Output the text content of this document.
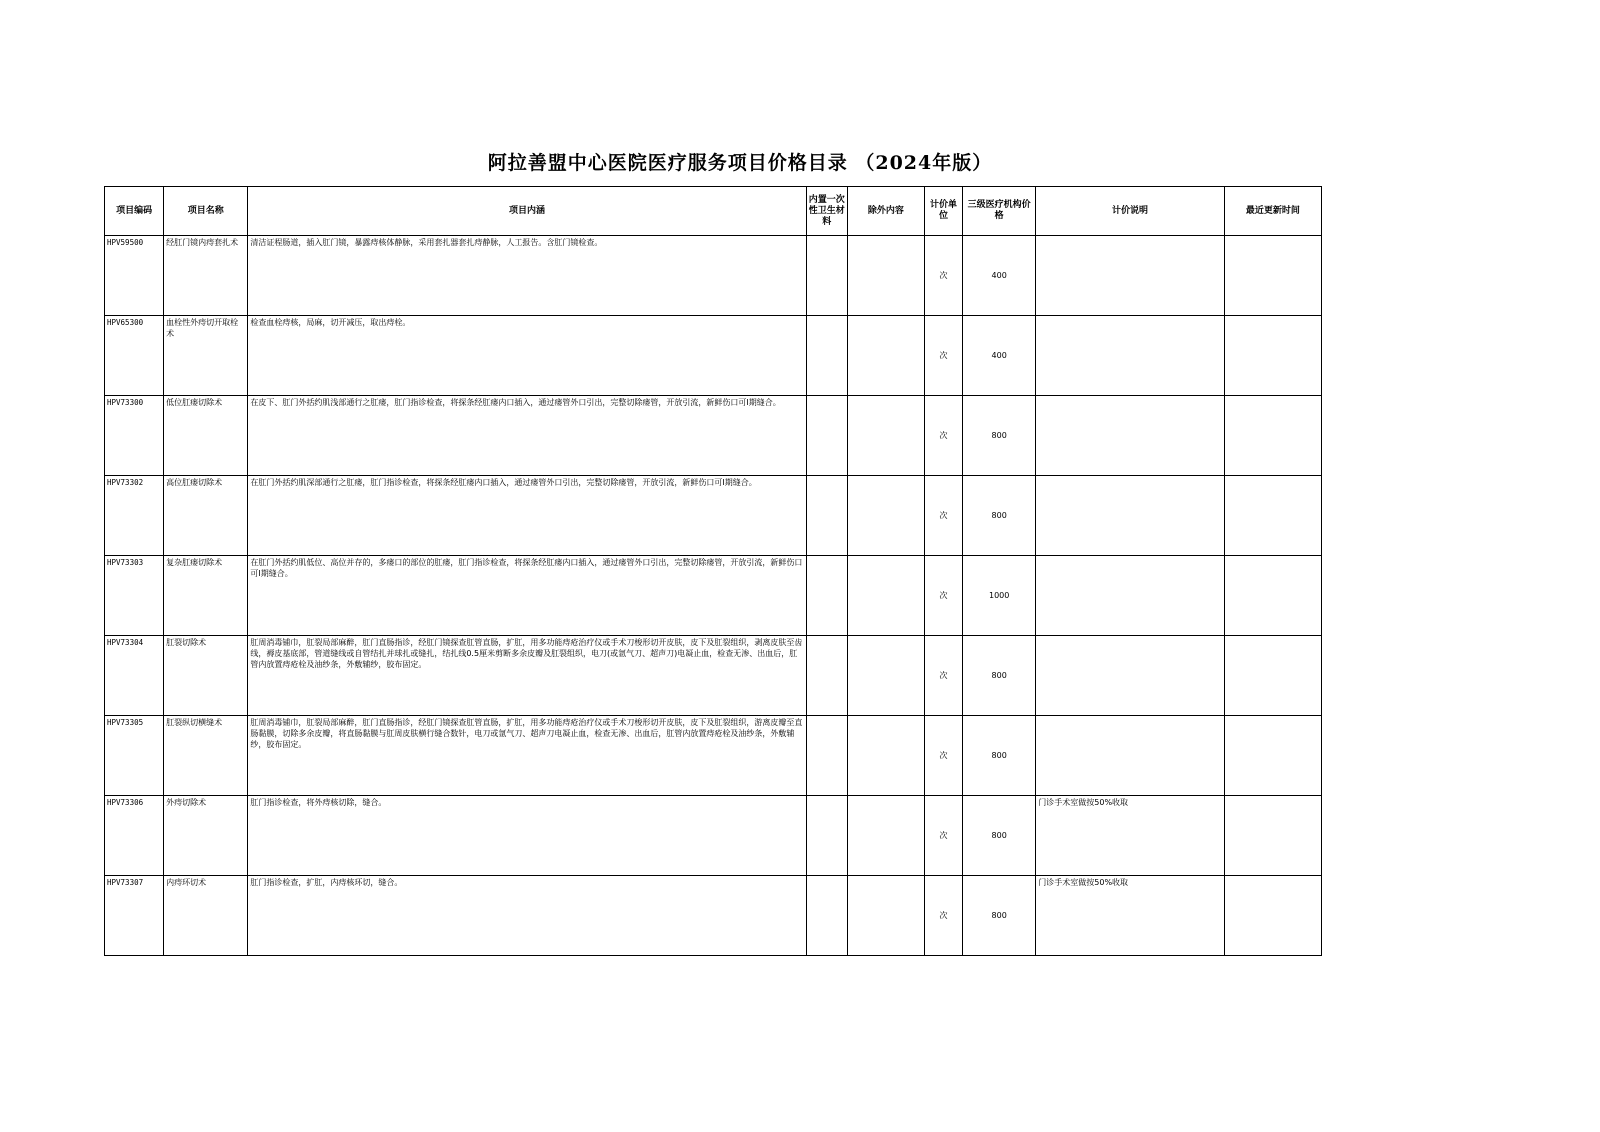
阿拉善盟中心医院医疗服务项目价格目录 （2024年版）
项目编码	项目名称	项目内涵	内置一次性卫生材料	除外内容	计价单位	三级医疗机构价格	计价说明	最近更新时间
HPV59500	经肛门镜内痔套扎术	清洁证程肠道，插入肛门镜，暴露痔核体静脉，采用套扎器套扎痔静脉，人工报告。含肛门镜检查。			次	400		
HPV65300	血栓性外痔切开取栓术	检查血栓痔核，局麻，切开减压，取出痔栓。			次	400		
HPV73300	低位肛瘘切除术	在皮下、肛门外括约肌浅部通行之肛瘘，肛门指诊检查，将探条经肛瘘内口插入，通过瘘管外口引出，完整切除瘘管，开放引流，新鲜伤口可Ⅰ期缝合。			次	800		
HPV73302	高位肛瘘切除术	在肛门外括约肌深部通行之肛瘘，肛门指诊检查，将探条经肛瘘内口插入，通过瘘管外口引出，完整切除瘘管，开放引流，新鲜伤口可Ⅰ期缝合。			次	800		
HPV73303	复杂肛瘘切除术	在肛门外括约肌低位、高位并存的，多瘘口的部位的肛瘘，肛门指诊检查，将探条经肛瘘内口插入，通过瘘管外口引出，完整切除瘘管，开放引流，新鲜伤口可Ⅰ期缝合。			次	1000		
HPV73304	肛裂切除术	肛周消毒铺巾，肛裂局部麻醉，肛门直肠指诊，经肛门镜探查肛管直肠，扩肛，用多功能痔疮治疗仪或手术刀梭形切开皮肤，皮下及肛裂组织，剥离皮肤至齿线，褥皮基底部，管道缝线或自管结扎并球扎或缝扎，结扎线0.5厘米剪断多余皮瓣及肛裂组织，电刀(或氩气刀、超声刀)电凝止血，检查无渗、出血后，肛管内放置痔疮栓及油纱条，外敷辅纱，胶布固定。			次	800		
HPV73305	肛裂纵切横缝术	肛周消毒铺巾，肛裂局部麻醉，肛门直肠指诊，经肛门镜探查肛管直肠，扩肛，用多功能痔疮治疗仪或手术刀梭形切开皮肤，皮下及肛裂组织，游离皮瓣至直肠黏膜，切除多余皮瓣，将直肠黏膜与肛周皮肤横行缝合数针，电刀或氩气刀、超声刀电凝止血，检查无渗、出血后，肛管内放置痔疮栓及油纱条，外敷辅纱，胶布固定。			次	800		
HPV73306	外痔切除术	肛门指诊检查，将外痔核切除，缝合。			次	800	门诊手术室做按50%收取	
HPV73307	内痔环切术	肛门指诊检查，扩肛，内痔核环切，缝合。			次	800	门诊手术室做按50%收取	
